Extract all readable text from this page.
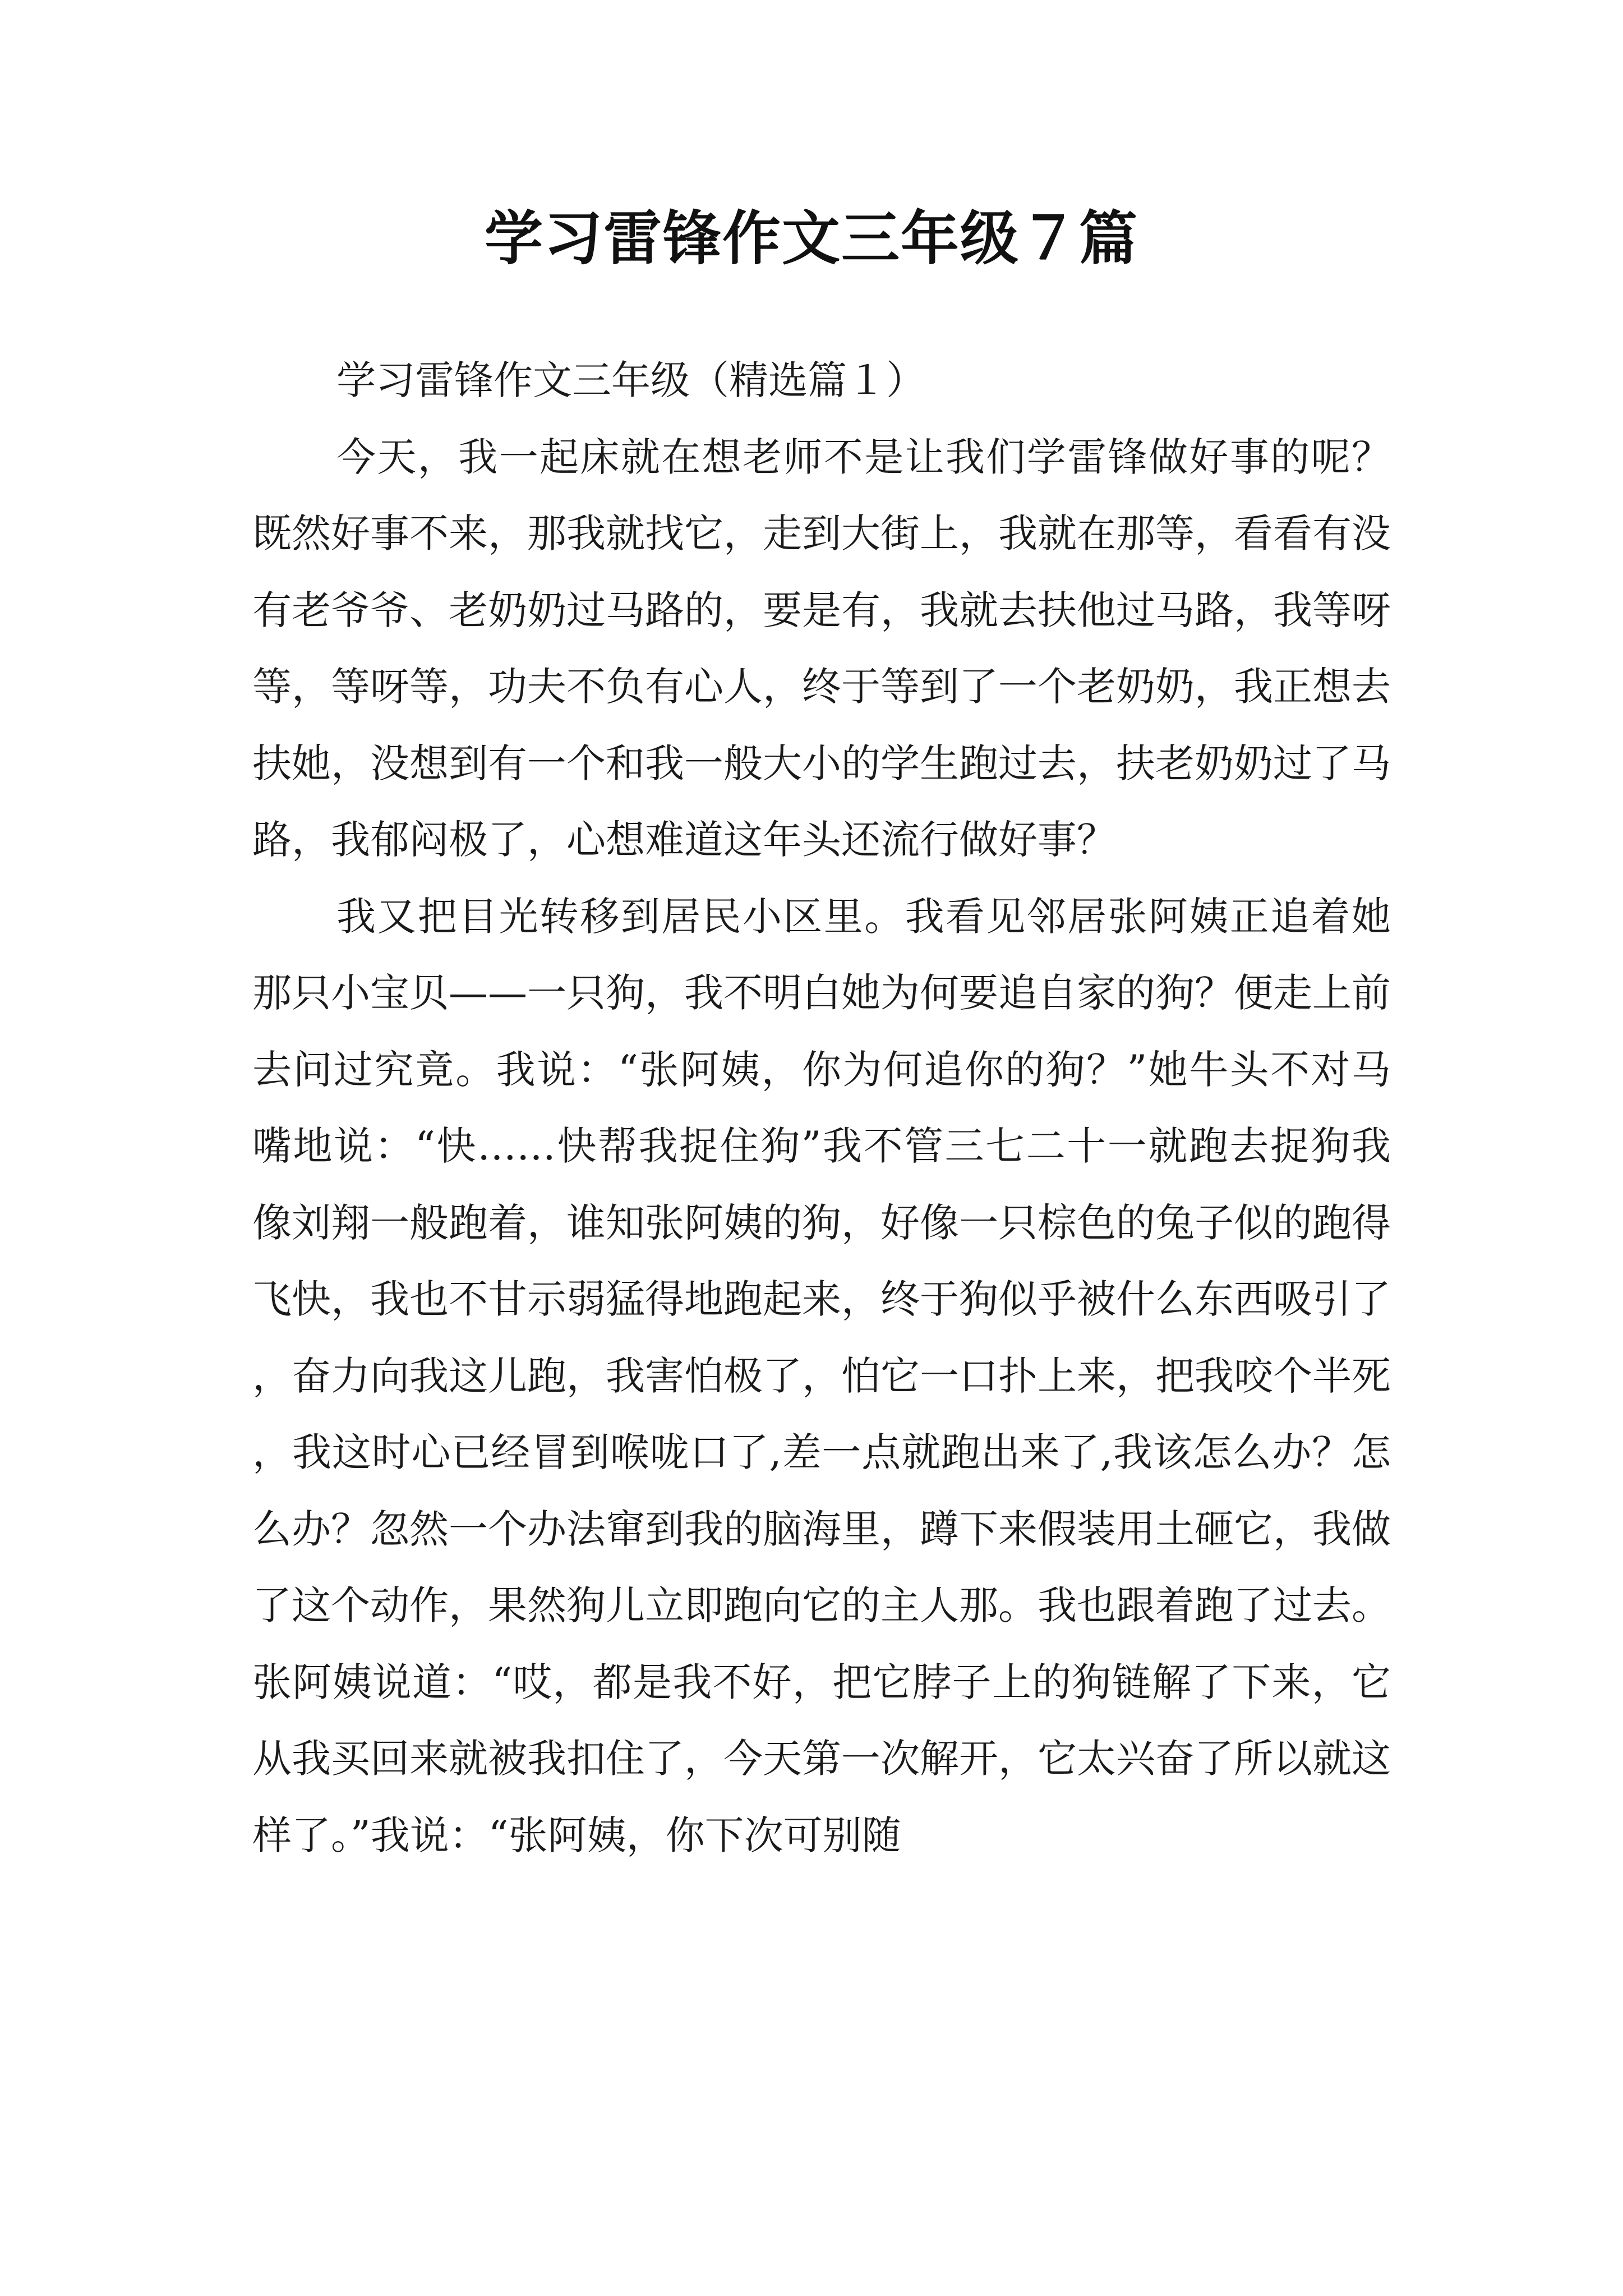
学习雷锋作文三年级７篇

学习雷锋作文三年级（精选篇１）

今天，我一起床就在想老师不是让我们学雷锋做好事的呢？既然好事不来，那我就找它，走到大街上，我就在那等，看看有没有老爷爷、老奶奶过马路的，要是有，我就去扶他过马路，我等呀等，等呀等，功夫不负有心人，终于等到了一个老奶奶，我正想去扶她，没想到有一个和我一般大小的学生跑过去，扶老奶奶过了马路，我郁闷极了，心想难道这年头还流行做好事？

我又把目光转移到居民小区里。我看见邻居张阿姨正追着她那只小宝贝——一只狗，我不明白她为何要追自家的狗？便走上前去问过究竟。我说：“张阿姨，你为何追你的狗？”她牛头不对马嘴地说：“快……快帮我捉住狗”我不管三七二十一就跑去捉狗我像刘翔一般跑着，谁知张阿姨的狗，好像一只棕色的兔子似的跑得飞快，我也不甘示弱猛得地跑起来，终于狗似乎被什么东西吸引了，奋力向我这儿跑，我害怕极了，怕它一口扑上来，把我咬个半死，我这时心已经冒到喉咙口了,差一点就跑出来了,我该怎么办？怎么办？忽然一个办法窜到我的脑海里，蹲下来假装用土砸它，我做了这个动作，果然狗儿立即跑向它的主人那。我也跟着跑了过去。张阿姨说道：“哎，都是我不好，把它脖子上的狗链解了下来，它从我买回来就被我扣住了，今天第一次解开，它太兴奋了所以就这样了。”我说：“张阿姨，你下次可别随
